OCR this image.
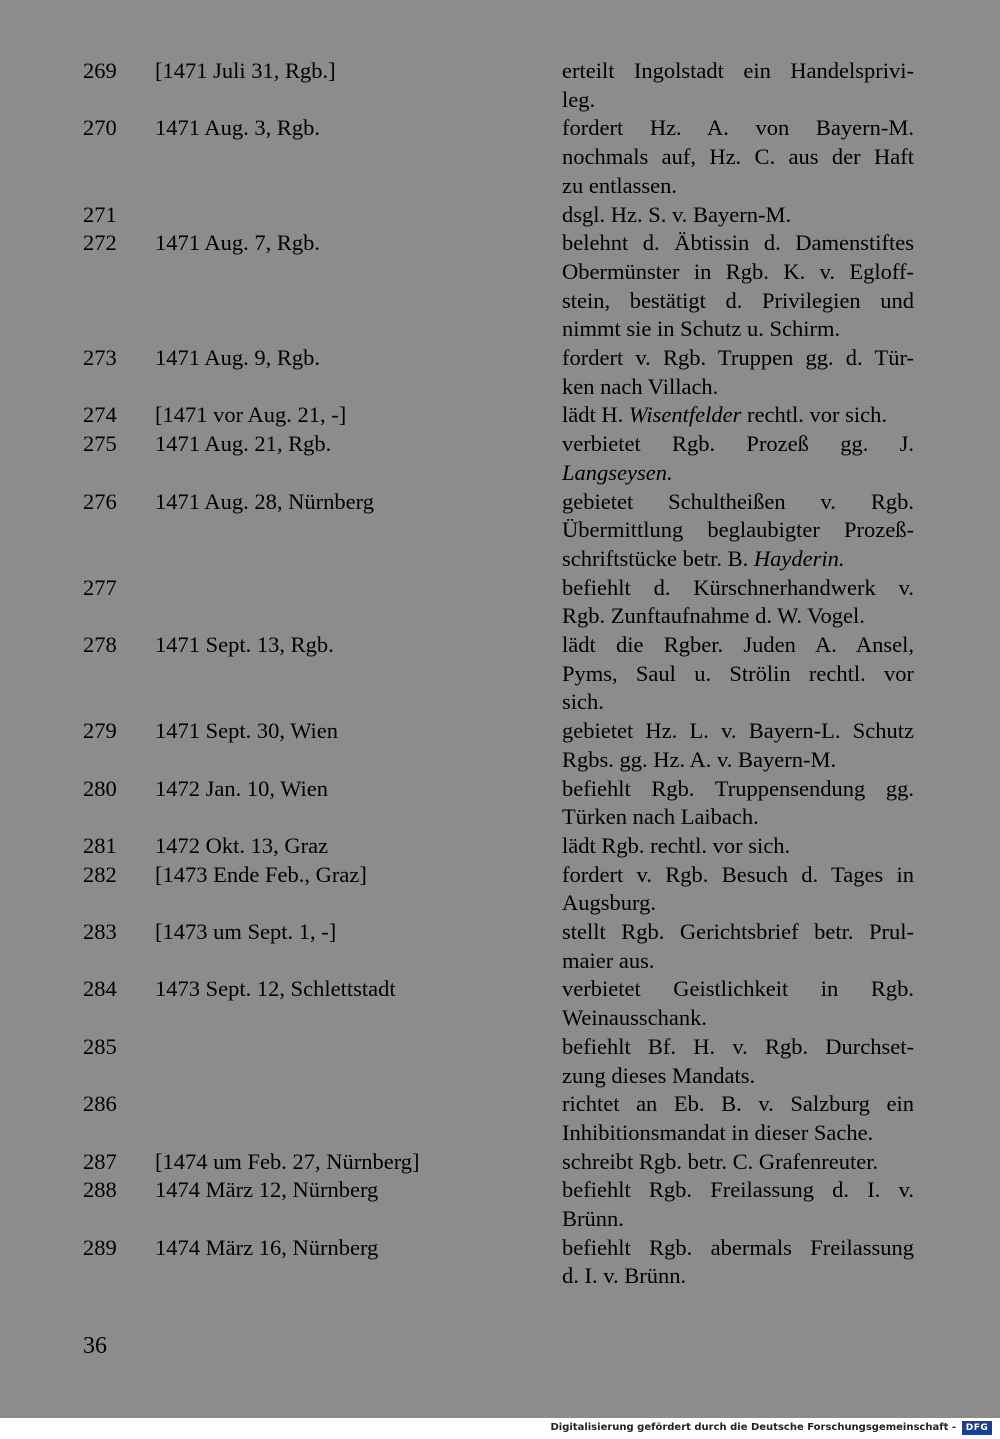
269 [1471 Juli 31, Rgb.]	erteilt Ingolstadt ein Handelsprivi-
leg.
270 1471 Aug. 3, Rgb.	fordert Hz. A. von Bayern-M.
nochmals auf, Hz. C. aus der Haft
zu entlassen.
271	dsgl. Hz. S. v. Bayern-M.
272 1471 Aug. 7, Rgb.	belehnt d. Äbtissin d. Damenstiftes
Obermünster in Rgb. K. v. Egloff-
stein, bestätigt d. Privilegien und
nimmt sie in Schutz u. Schirm.
273 1471 Aug. 9, Rgb.	fordert v. Rgb. Truppen gg. d. Tür-
ken nach Villach.
274 [1471 vor Aug. 21, -]	lädt H. Wisentfelder rechtl. vor sich.
275 1471 Aug. 21, Rgb.	verbietet Rgb. Prozeß gg. J.
Langseysen.
276 1471 Aug. 28, Nürnberg	gebietet Schultheißen v. Rgb.
Übermittlung beglaubigter Prozeß-
schriftstücke betr. B. Hayderin.
277	befiehlt d. Kürschnerhandwerk v.
Rgb. Zunftaufnahme d. W. Vogel.
278 1471 Sept. 13, Rgb.	lädt die Rgber. Juden A. Ansel,
Pyms, Saul u. Strölin rechtl. vor
sich.
279 1471 Sept. 30, Wien	gebietet Hz. L. v. Bayern-L. Schutz
Rgbs. gg. Hz. A. v. Bayern-M.
280 1472 Jan. 10, Wien	befiehlt Rgb. Truppensendung gg.
Türken nach Laibach.
281 1472 Okt. 13, Graz	lädt Rgb. rechtl. vor sich.
282 [1473 Ende Feb., Graz]	fordert v. Rgb. Besuch d. Tages in
Augsburg.
283 [1473 um Sept. 1, -]	stellt Rgb. Gerichtsbrief betr. Prul-
maier aus.
284 1473 Sept. 12, Schlettstadt	verbietet Geistlichkeit in Rgb.
Weinausschank.
285	befiehlt Bf. H. v. Rgb. Durchset-
zung dieses Mandats.
286	richtet an Eb. B. v. Salzburg ein
Inhibitionsmandat in dieser Sache.
287 [1474 um Feb. 27, Nürnberg]	schreibt Rgb. betr. C. Grafenreuter.
288 1474 März 12, Nürnberg	befiehlt Rgb. Freilassung d. I. v.
Brünn.
289 1474 März 16, Nürnberg	befiehlt Rgb. abermals Freilassung
d. I. v. Brünn.
36
Digitalisierung gefördert durch die Deutsche Forschungsgemeinschaft -	DFG
